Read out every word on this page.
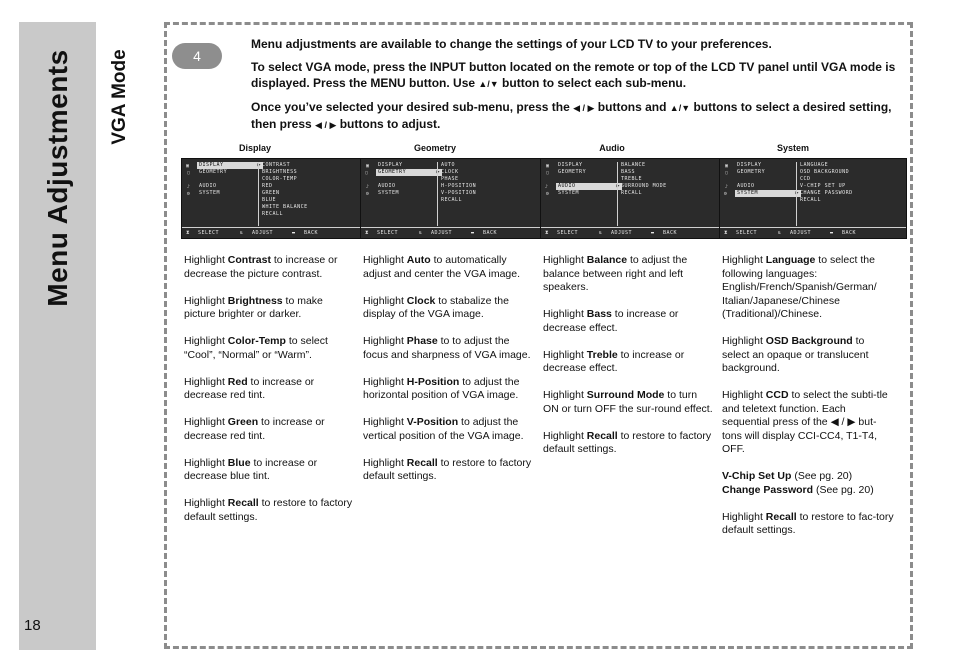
Menu Adjustments
18
VGA Mode	4

Menu adjustments are available to change the settings of your LCD TV to your preferences.

To select VGA mode, press the INPUT button located on the remote or top of the LCD TV panel until VGA mode is displayed. Press the MENU button. Use ▲/▼ button to select each sub-menu.

Once you’ve selected your desired sub-menu, press the ◀ / ▶ buttons and ▲/▼ buttons to select a desired setting, then press ◀ / ▶ buttons to adjust.

Display
▣ DISPLAY	▶
▢ GEOMETRY
♪ AUDIO
⚙ SYSTEM
CONTRAST
BRIGHTNESS
COLOR-TEMP
RED
GREEN
BLUE
WHITE BALANCE
RECALL
⧗ SELECT	⇅ ADJUST	▬ BACK
Highlight Contrast to increase or decrease the picture contrast.
Highlight Brightness to make picture brighter or darker.
Highlight Color-Temp to select “Cool”, “Normal” or “Warm”.
Highlight Red to increase or decrease red tint.
Highlight Green to increase or decrease red tint.
Highlight Blue to increase or decrease blue tint.
Highlight Recall to restore to factory default settings.
Geometry
▣ DISPLAY
▢ GEOMETRY	▶
♪ AUDIO
⚙ SYSTEM
AUTO
CLOCK
PHASE
H-POSITION
V-POSITION
RECALL
⧗ SELECT	⇅ ADJUST	▬ BACK
Highlight Auto to automatically adjust and center the VGA image.
Highlight Clock to stabalize the display of the VGA image.
Highlight Phase to to adjust the focus and sharpness of VGA image.
Highlight H-Position to adjust the horizontal position of VGA image.
Highlight V-Position to adjust the vertical position of the VGA image.
Highlight Recall to restore to factory default settings.
Audio
▣ DISPLAY
▢ GEOMETRY
♪ AUDIO	▶
⚙ SYSTEM
BALANCE
BASS
TREBLE
SURROUND MODE
RECALL
⧗ SELECT	⇅ ADJUST	▬ BACK
Highlight Balance to adjust the balance between right and left speakers.
Highlight Bass to increase or decrease effect.
Highlight Treble to increase or decrease effect.
Highlight Surround Mode to turn ON or turn OFF the sur-round effect.
Highlight Recall to restore to factory default settings.
System
▣ DISPLAY
▢ GEOMETRY
♪ AUDIO
⚙ SYSTEM	▶
LANGUAGE
OSD BACKGROUND
CCD
V-CHIP SET UP
CHANGE PASSWORD
RECALL
⧗ SELECT	⇅ ADJUST	▬ BACK
Highlight Language to select the following languages: English/French/Spanish/German/ Italian/Japanese/Chinese (Traditional)/Chinese.
Highlight OSD Background to select an opaque or translucent background.
Highlight CCD to select the subti-tle and teletext function. Each sequential press of the ◀ / ▶ but-tons will display CCI-CC4, T1-T4, OFF.
V-Chip Set Up (See pg. 20)
Change Password (See pg. 20)
Highlight Recall to restore to fac-tory default settings.
